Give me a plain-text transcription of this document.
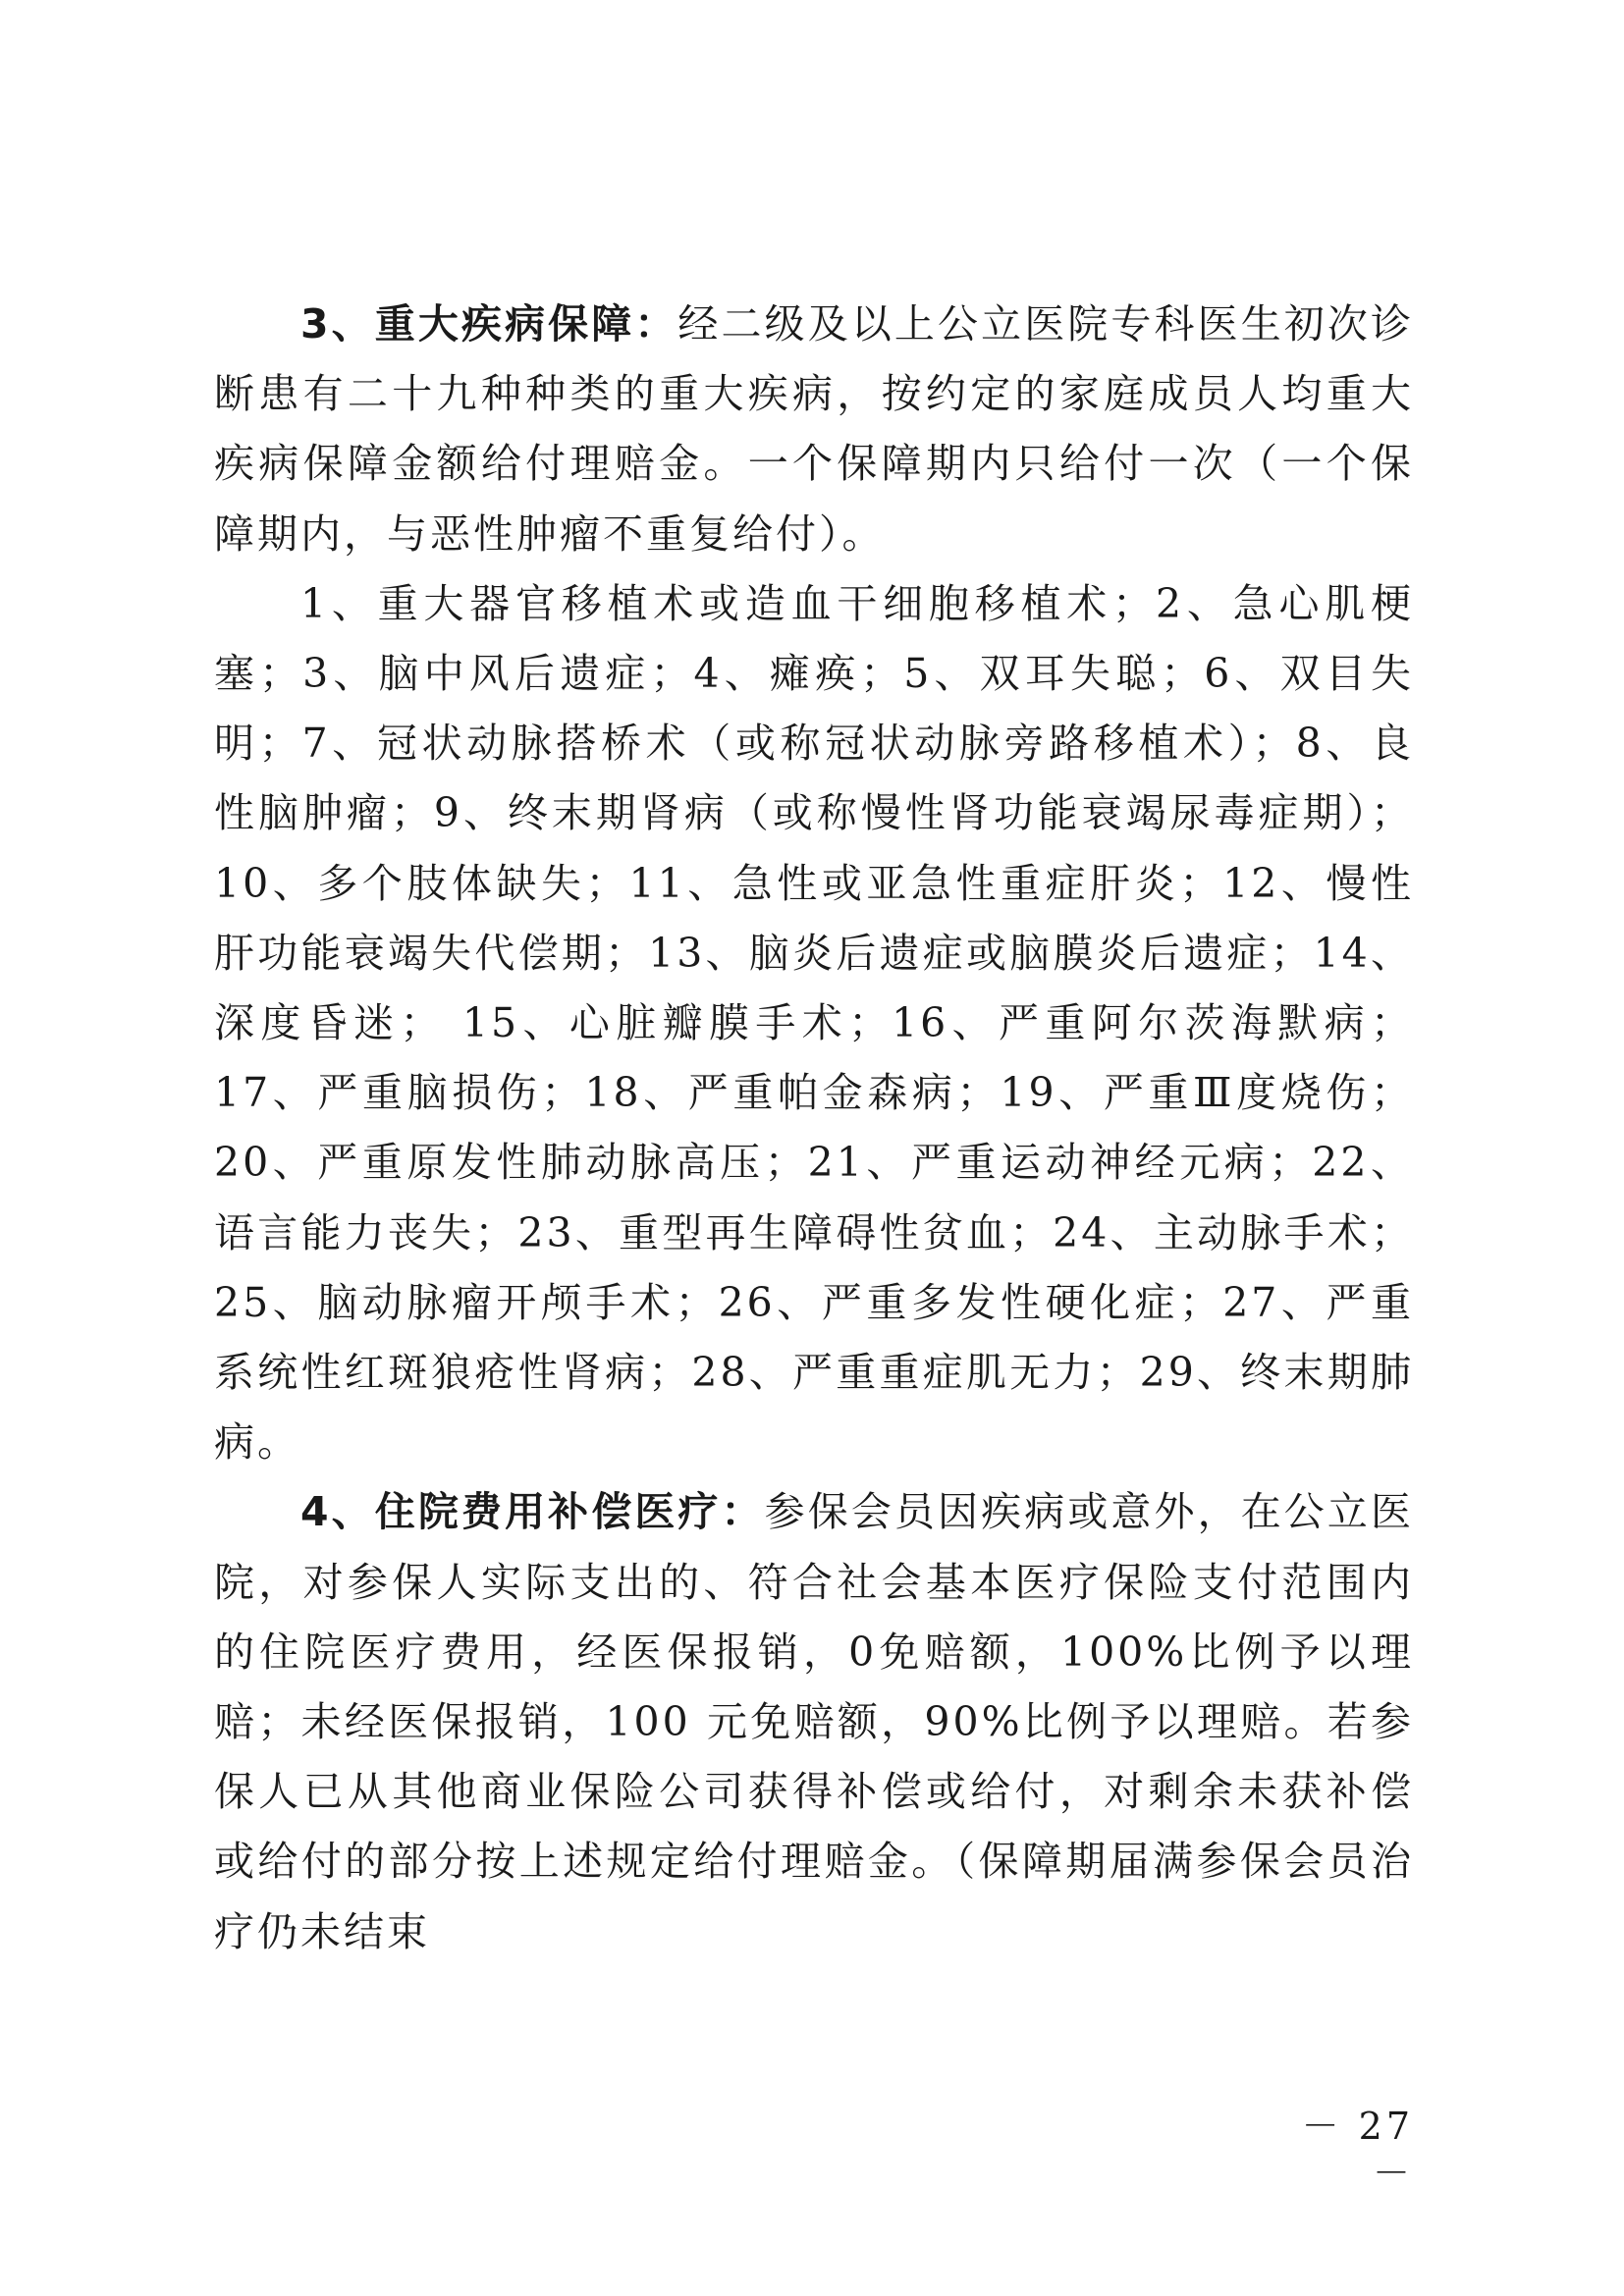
3、重大疾病保障：经二级及以上公立医院专科医生初次诊断患有二十九种种类的重大疾病，按约定的家庭成员人均重大疾病保障金额给付理赔金。一个保障期内只给付一次（一个保障期内，与恶性肿瘤不重复给付）。

1、重大器官移植术或造血干细胞移植术；2、急心肌梗塞；3、脑中风后遗症；4、瘫痪；5、双耳失聪；6、双目失明；7、冠状动脉搭桥术（或称冠状动脉旁路移植术）；8、良性脑肿瘤；9、终末期肾病（或称慢性肾功能衰竭尿毒症期）；10、多个肢体缺失；11、急性或亚急性重症肝炎；12、慢性肝功能衰竭失代偿期；13、脑炎后遗症或脑膜炎后遗症；14、深度昏迷； 15、心脏瓣膜手术；16、严重阿尔茨海默病；17、严重脑损伤；18、严重帕金森病；19、严重Ⅲ度烧伤；20、严重原发性肺动脉高压；21、严重运动神经元病；22、语言能力丧失；23、重型再生障碍性贫血；24、主动脉手术；25、脑动脉瘤开颅手术；26、严重多发性硬化症；27、严重系统性红斑狼疮性肾病；28、严重重症肌无力；29、终末期肺病。

4、住院费用补偿医疗：参保会员因疾病或意外，在公立医院，对参保人实际支出的、符合社会基本医疗保险支付范围内的住院医疗费用，经医保报销，0免赔额，100%比例予以理赔；未经医保报销，100 元免赔额，90%比例予以理赔。若参保人已从其他商业保险公司获得补偿或给付，对剩余未获补偿或给付的部分按上述规定给付理赔金。（保障期届满参保会员治疗仍未结束

－ 27 －
